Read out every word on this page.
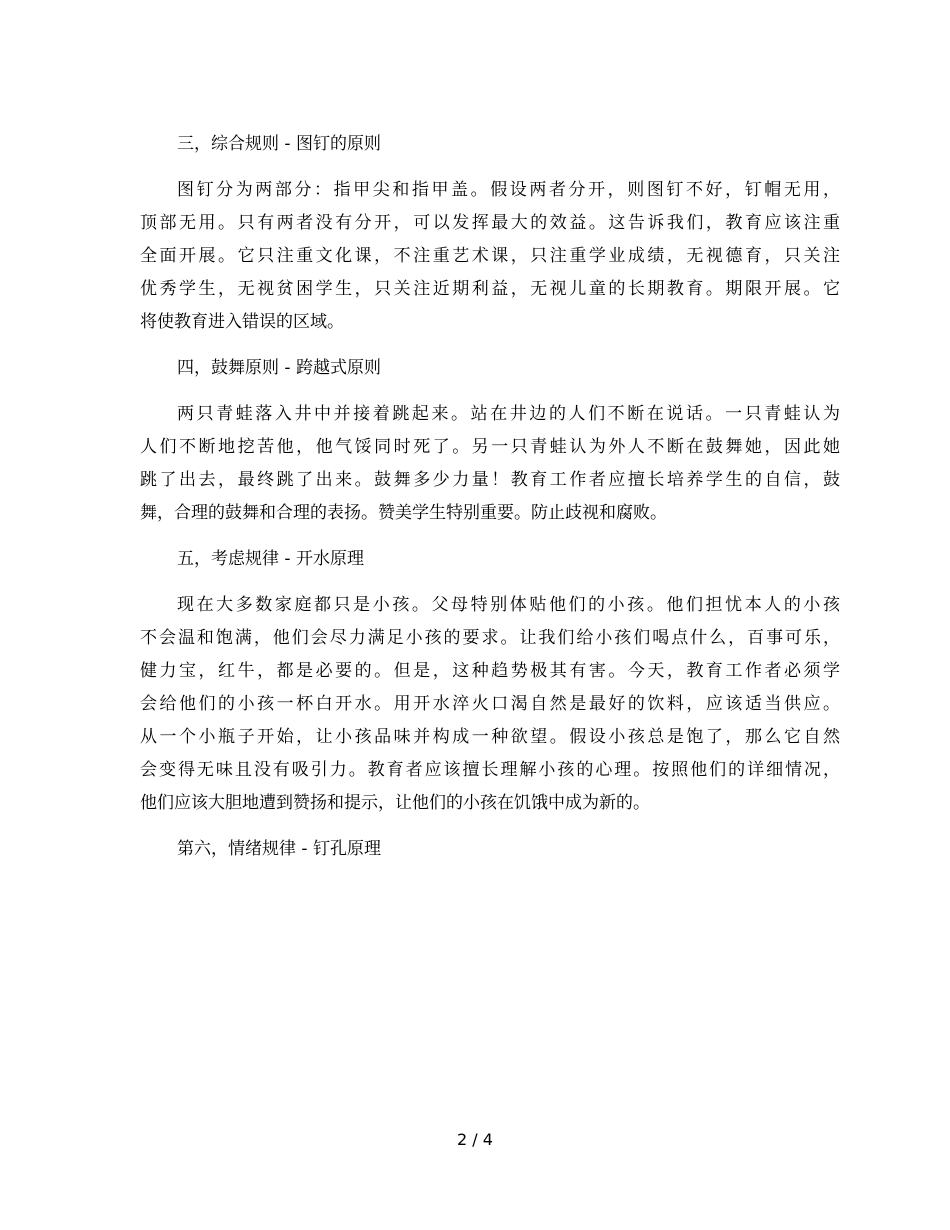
三，综合规则 - 图钉的原则

图钉分为两部分：指甲尖和指甲盖。假设两者分开，则图钉不好，钉帽无用，
顶部无用。只有两者没有分开，可以发挥最大的效益。这告诉我们，教育应该注重
全面开展。它只注重文化课，不注重艺术课，只注重学业成绩，无视德育，只关注
优秀学生，无视贫困学生，只关注近期利益，无视儿童的长期教育。期限开展。它
将使教育进入错误的区域。

四，鼓舞原则 - 跨越式原则

两只青蛙落入井中并接着跳起来。站在井边的人们不断在说话。一只青蛙认为
人们不断地挖苦他，他气馁同时死了。另一只青蛙认为外人不断在鼓舞她，因此她
跳了出去，最终跳了出来。鼓舞多少力量！教育工作者应擅长培养学生的自信，鼓
舞，合理的鼓舞和合理的表扬。赞美学生特别重要。防止歧视和腐败。

五，考虑规律 - 开水原理

现在大多数家庭都只是小孩。父母特别体贴他们的小孩。他们担忧本人的小孩
不会温和饱满，他们会尽力满足小孩的要求。让我们给小孩们喝点什么，百事可乐，
健力宝，红牛，都是必要的。但是，这种趋势极其有害。今天，教育工作者必须学
会给他们的小孩一杯白开水。用开水淬火口渴自然是最好的饮料，应该适当供应。
从一个小瓶子开始，让小孩品味并构成一种欲望。假设小孩总是饱了，那么它自然
会变得无味且没有吸引力。教育者应该擅长理解小孩的心理。按照他们的详细情况，
他们应该大胆地遭到赞扬和提示，让他们的小孩在饥饿中成为新的。

第六，情绪规律 - 钉孔原理

2 / 4
